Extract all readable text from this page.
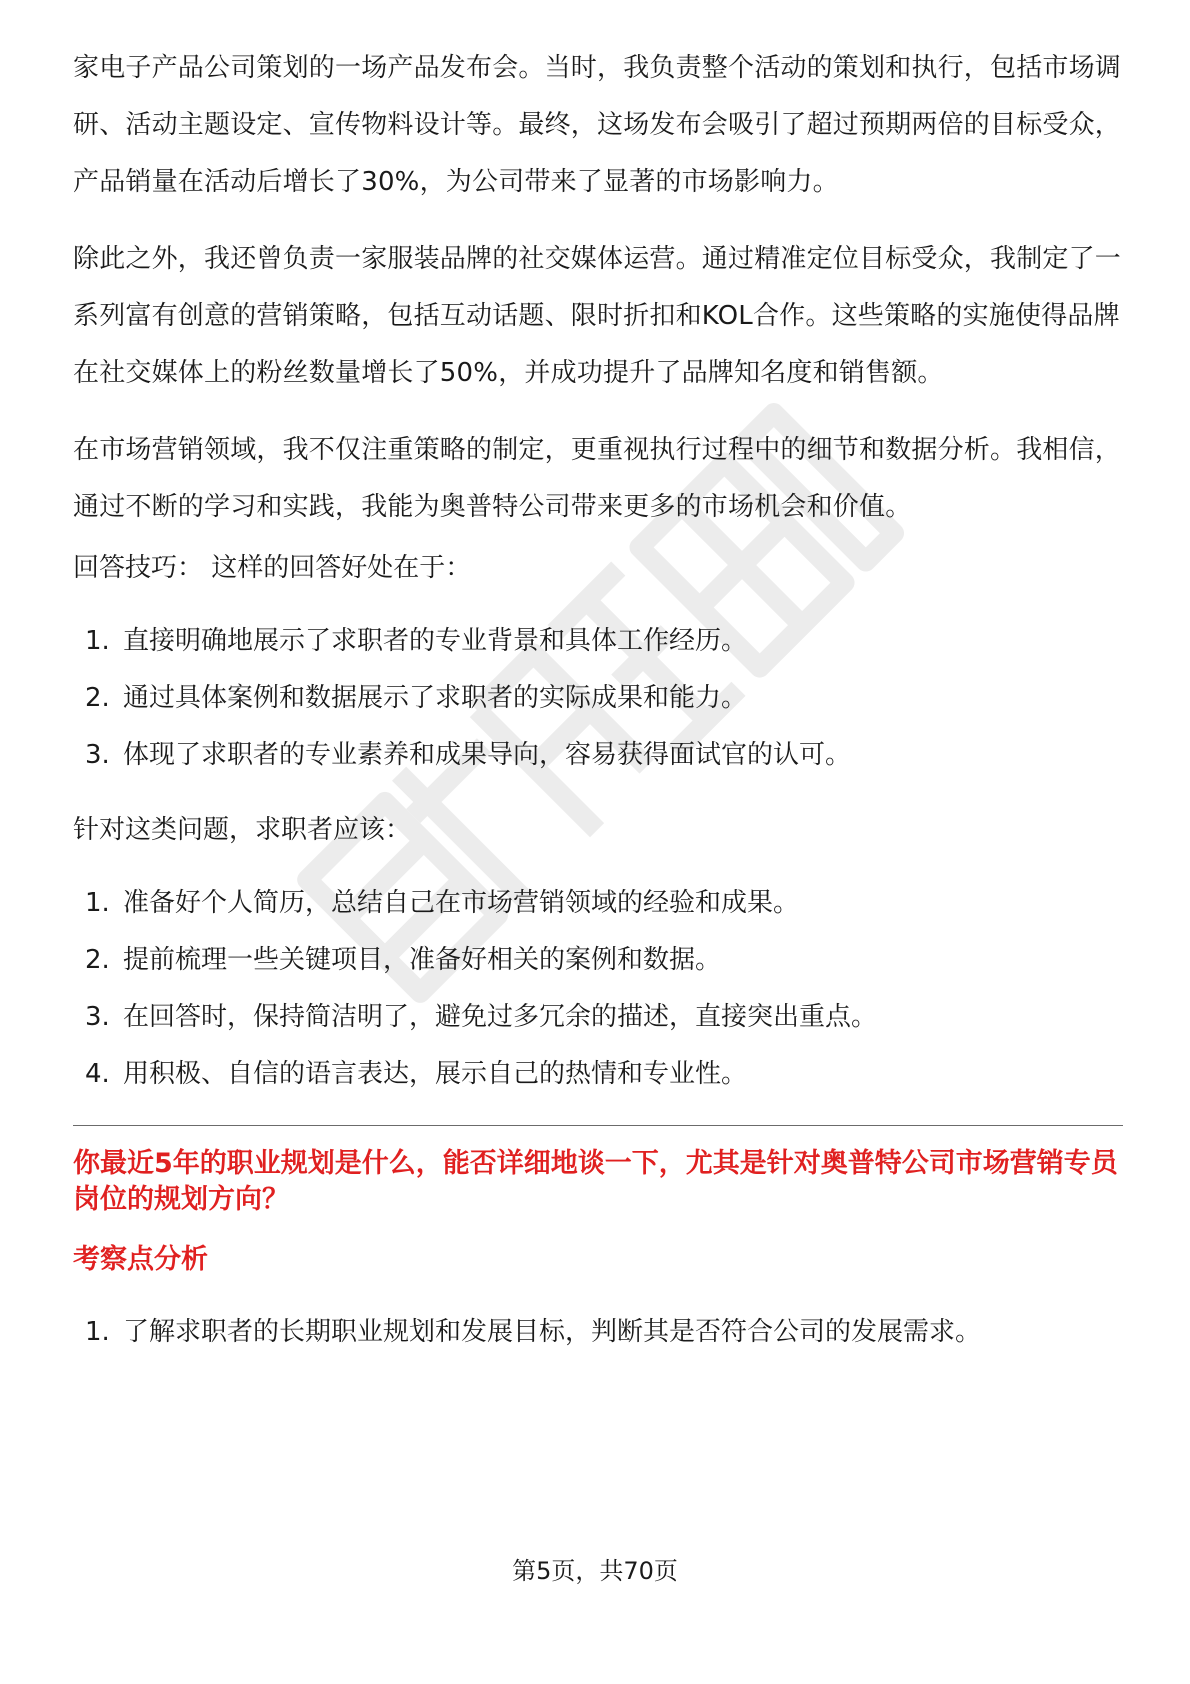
家电子产品公司策划的一场产品发布会。当时，我负责整个活动的策划和执行，包括市场调研、活动主题设定、宣传物料设计等。最终，这场发布会吸引了超过预期两倍的目标受众，产品销量在活动后增长了30%，为公司带来了显著的市场影响力。

除此之外，我还曾负责一家服装品牌的社交媒体运营。通过精准定位目标受众，我制定了一系列富有创意的营销策略，包括互动话题、限时折扣和KOL合作。这些策略的实施使得品牌在社交媒体上的粉丝数量增长了50%，并成功提升了品牌知名度和销售额。

在市场营销领域，我不仅注重策略的制定，更重视执行过程中的细节和数据分析。我相信，通过不断的学习和实践，我能为奥普特公司带来更多的市场机会和价值。

回答技巧： 这样的回答好处在于：

1. 直接明确地展示了求职者的专业背景和具体工作经历。
2. 通过具体案例和数据展示了求职者的实际成果和能力。
3. 体现了求职者的专业素养和成果导向，容易获得面试官的认可。

针对这类问题，求职者应该：

1. 准备好个人简历，总结自己在市场营销领域的经验和成果。
2. 提前梳理一些关键项目，准备好相关的案例和数据。
3. 在回答时，保持简洁明了，避免过多冗余的描述，直接突出重点。
4. 用积极、自信的语言表达，展示自己的热情和专业性。

你最近5年的职业规划是什么，能否详细地谈一下，尤其是针对奥普特公司市场营销专员岗位的规划方向？

考察点分析

1. 了解求职者的长期职业规划和发展目标，判断其是否符合公司的发展需求。
第5页，共70页
